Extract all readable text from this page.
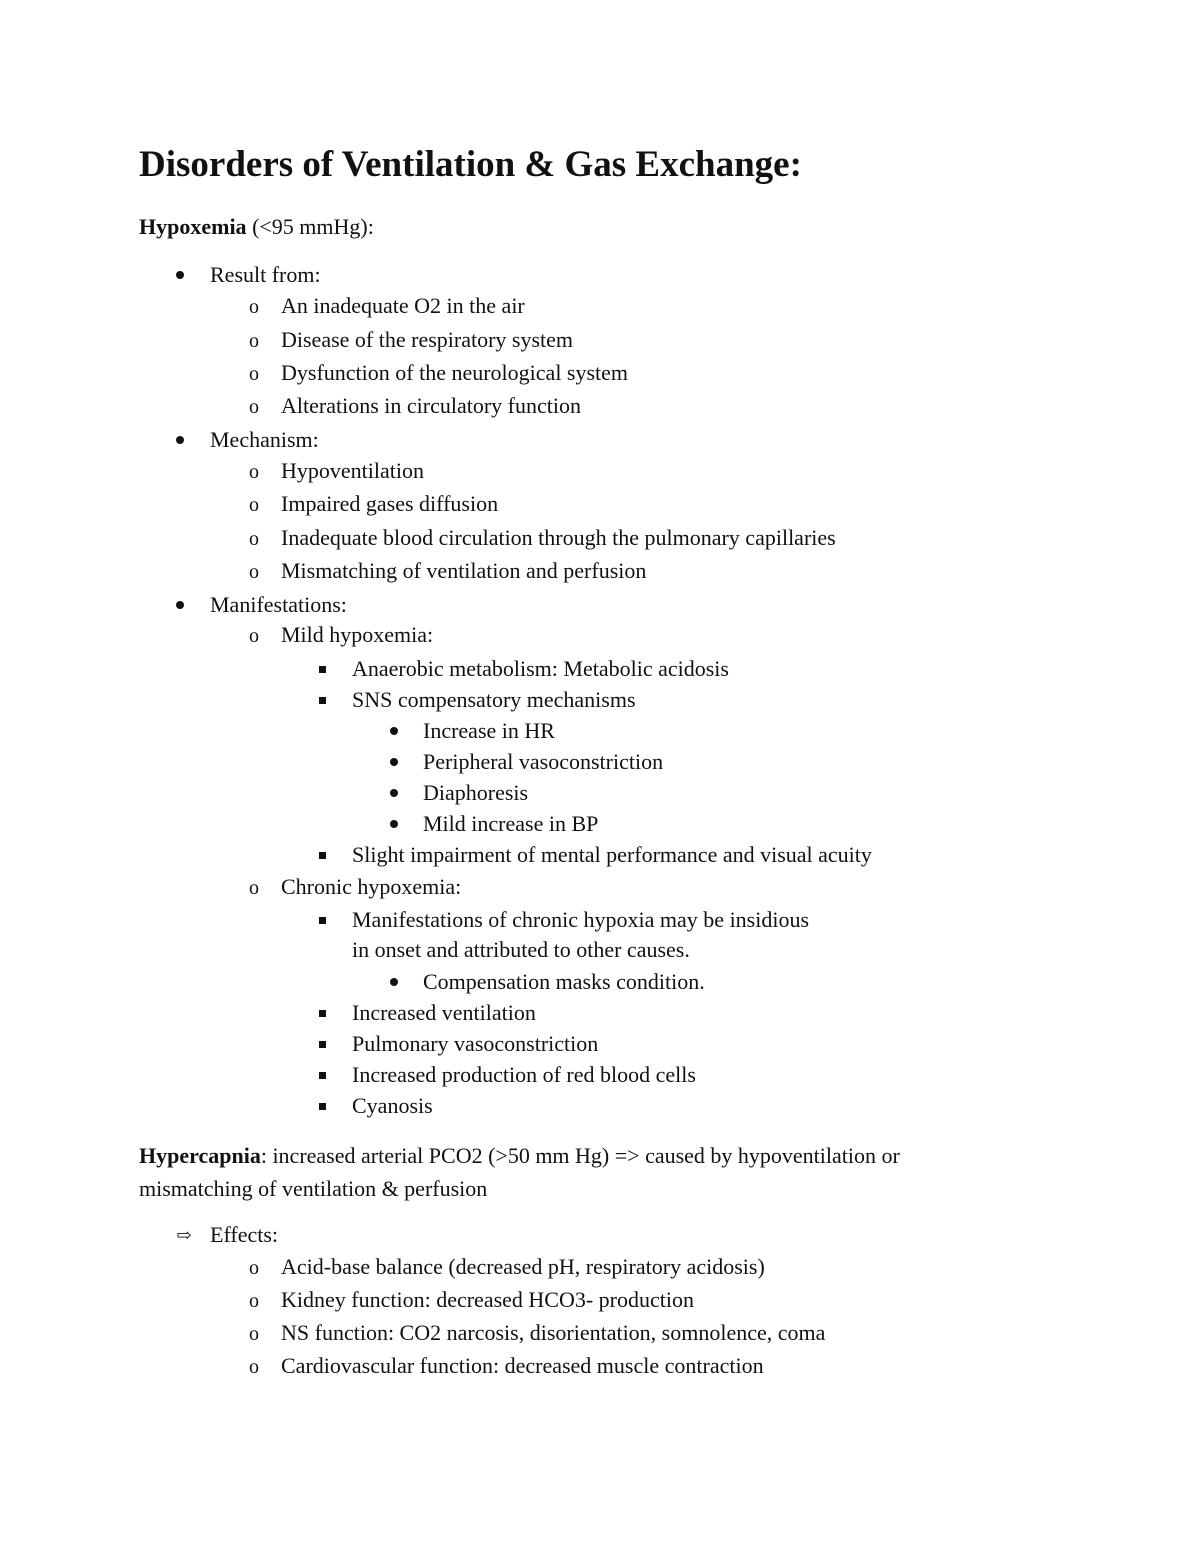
Disorders of Ventilation & Gas Exchange:
Hypoxemia (<95 mmHg):
Result from:
o	An inadequate O2 in the air
o	Disease of the respiratory system
o	Dysfunction of the neurological system
o	Alterations in circulatory function
Mechanism:
o	Hypoventilation
o	Impaired gases diffusion
o	Inadequate blood circulation through the pulmonary capillaries
o	Mismatching of ventilation and perfusion
Manifestations:
o	Mild hypoxemia:
Anaerobic metabolism: Metabolic acidosis
SNS compensatory mechanisms
Increase in HR
Peripheral vasoconstriction
Diaphoresis
Mild increase in BP
Slight impairment of mental performance and visual acuity
o	Chronic hypoxemia:
Manifestations of chronic hypoxia may be insidious
in onset and attributed to other causes.
Compensation masks condition.
Increased ventilation
Pulmonary vasoconstriction
Increased production of red blood cells
Cyanosis
Hypercapnia: increased arterial PCO2 (>50 mm Hg) => caused by hypoventilation or
mismatching of ventilation & perfusion
⇨ Effects:
o	Acid-base balance (decreased pH, respiratory acidosis)
o	Kidney function: decreased HCO3- production
o	NS function: CO2 narcosis, disorientation, somnolence, coma
o	Cardiovascular function: decreased muscle contraction
